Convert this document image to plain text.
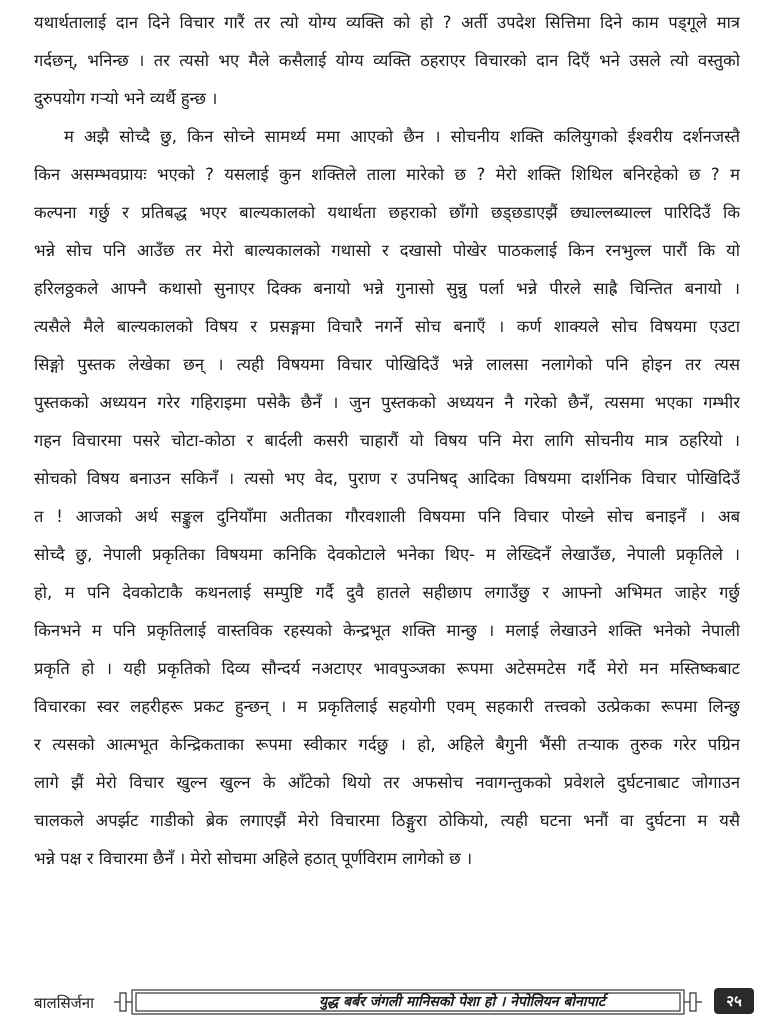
यथार्थतालाई दान दिने विचार गारैं तर त्यो योग्य व्यक्ति को हो ? अर्ती उपदेश सित्तिमा दिने काम पड्गूले मात्र
गर्दछन्, भनिन्छ । तर त्यसो भए मैले कसैलाई योग्य व्यक्ति ठहराएर विचारको दान दिएँ भने उसले त्यो वस्तुको
दुरुपयोग गऱ्यो भने व्यर्थै हुन्छ ।
म अझै सोच्दै छु, किन सोच्ने सामर्थ्य ममा आएको छैन । सोचनीय शक्ति कलियुगको ईश्वरीय दर्शनजस्तै
किन असम्भवप्रायः भएको ? यसलाई कुन शक्तिले ताला मारेको छ ? मेरो शक्ति शिथिल बनिरहेको छ ? म
कल्पना गर्छु र प्रतिबद्ध भएर बाल्यकालको यथार्थता छहराको छाँगो छड्छडाएझैं छ्याल्लब्याल्ल पारिदिउँ कि
भन्ने सोच पनि आउँछ तर मेरो बाल्यकालको गथासो र दखासो पोखेर पाठकलाई किन रनभुल्ल पारौं कि यो
हरिलठ्ठकले आफ्नै कथासो सुनाएर दिक्क बनायो भन्ने गुनासो सुन्नु पर्ला भन्ने पीरले साह्रै चिन्तित बनायो ।
त्यसैले मैले बाल्यकालको विषय र प्रसङ्गमा विचारै नगर्ने सोच बनाएँ । कर्ण शाक्यले सोच विषयमा एउटा
सिङ्गो पुस्तक लेखेका छन् । त्यही विषयमा विचार पोखिदिउँ भन्ने लालसा नलागेको पनि होइन तर त्यस
पुस्तकको अध्ययन गरेर गहिराइमा पसेकै छैनँ । जुन पुस्तकको अध्ययन नै गरेको छैनँ, त्यसमा भएका गम्भीर
गहन विचारमा पसरे चोटा-कोठा र बार्दली कसरी चाहारौं यो विषय पनि मेरा लागि सोचनीय मात्र ठहरियो ।
सोचको विषय बनाउन सकिनँ । त्यसो भए वेद, पुराण र उपनिषद् आदिका विषयमा दार्शनिक विचार पोखिदिउँ
त ! आजको अर्थ सङ्कुल दुनियाँमा अतीतका गौरवशाली विषयमा पनि विचार पोख्ने सोच बनाइनँ । अब
सोच्दै छु, नेपाली प्रकृतिका विषयमा कनिकि देवकोटाले भनेका थिए- म लेख्दिनँ लेखाउँछ, नेपाली प्रकृतिले ।
हो, म पनि देवकोटाकै कथनलाई सम्पुष्टि गर्दै दुवै हातले सहीछाप लगाउँछु र आफ्नो अभिमत जाहेर गर्छु
किनभने म पनि प्रकृतिलाई वास्तविक रहस्यको केन्द्रभूत शक्ति मान्छु । मलाई लेखाउने शक्ति भनेको नेपाली
प्रकृति हो । यही प्रकृतिको दिव्य सौन्दर्य नअटाएर भावपुञ्जका रूपमा अटेसमटेस गर्दै मेरो मन मस्तिष्कबाट
विचारका स्वर लहरीहरू प्रकट हुन्छन् । म प्रकृतिलाई सहयोगी एवम् सहकारी तत्त्वको उत्प्रेकका रूपमा लिन्छु
र त्यसको आत्मभूत केन्द्रिकताका रूपमा स्वीकार गर्दछु । हो, अहिले बैगुनी भैंसी तऱ्याक तुरुक गरेर पग्रिन
लागे झैं मेरो विचार खुल्न खुल्न के आँटेको थियो तर अफसोच नवागन्तुकको प्रवेशले दुर्घटनाबाट जोगाउन
चालकले अपर्झट गाडीको ब्रेक लगाएझैं मेरो विचारमा ठिङ्गुरा ठोकियो, त्यही घटना भनौं वा दुर्घटना म यसै
भन्ने पक्ष र विचारमा छैनँ । मेरो सोचमा अहिले हठात् पूर्णविराम लागेको छ ।
बालसिर्जना	युद्ध बर्बर जंगली मानिसको पेशा हो । नेपोलियन बोनापार्ट	२५
